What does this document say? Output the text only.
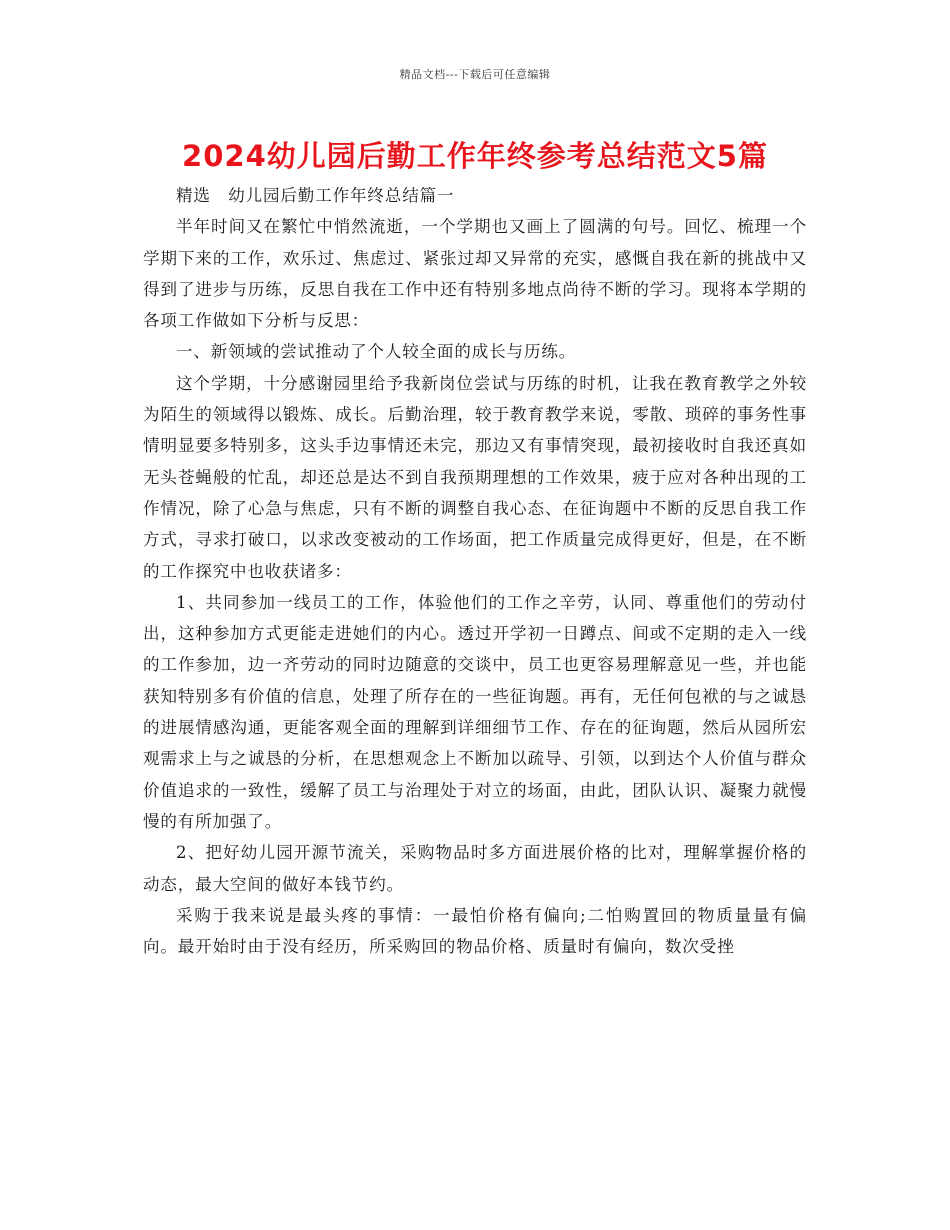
精品文档---下载后可任意编辑
2024幼儿园后勤工作年终参考总结范文5篇

精选　幼儿园后勤工作年终总结篇一

半年时间又在繁忙中悄然流逝，一个学期也又画上了圆满的句号。回忆、梳理一个学期下来的工作，欢乐过、焦虑过、紧张过却又异常的充实，感慨自我在新的挑战中又得到了进步与历练，反思自我在工作中还有特别多地点尚待不断的学习。现将本学期的各项工作做如下分析与反思：

一、新领域的尝试推动了个人较全面的成长与历练。

这个学期，十分感谢园里给予我新岗位尝试与历练的时机，让我在教育教学之外较为陌生的领域得以锻炼、成长。后勤治理，较于教育教学来说，零散、琐碎的事务性事情明显要多特别多，这头手边事情还未完，那边又有事情突现，最初接收时自我还真如无头苍蝇般的忙乱，却还总是达不到自我预期理想的工作效果，疲于应对各种出现的工作情况，除了心急与焦虑，只有不断的调整自我心态、在征询题中不断的反思自我工作方式，寻求打破口，以求改变被动的工作场面，把工作质量完成得更好，但是，在不断的工作探究中也收获诸多：

1、共同参加一线员工的工作，体验他们的工作之辛劳，认同、尊重他们的劳动付出，这种参加方式更能走进她们的内心。透过开学初一日蹲点、间或不定期的走入一线的工作参加，边一齐劳动的同时边随意的交谈中，员工也更容易理解意见一些，并也能获知特别多有价值的信息，处理了所存在的一些征询题。再有，无任何包袱的与之诚恳的进展情感沟通，更能客观全面的理解到详细细节工作、存在的征询题，然后从园所宏观需求上与之诚恳的分析，在思想观念上不断加以疏导、引领，以到达个人价值与群众价值追求的一致性，缓解了员工与治理处于对立的场面，由此，团队认识、凝聚力就慢慢的有所加强了。

2、把好幼儿园开源节流关，采购物品时多方面进展价格的比对，理解掌握价格的动态，最大空间的做好本钱节约。

采购于我来说是最头疼的事情：一最怕价格有偏向;二怕购置回的物质量量有偏向。最开始时由于没有经历，所采购回的物品价格、质量时有偏向，数次受挫
